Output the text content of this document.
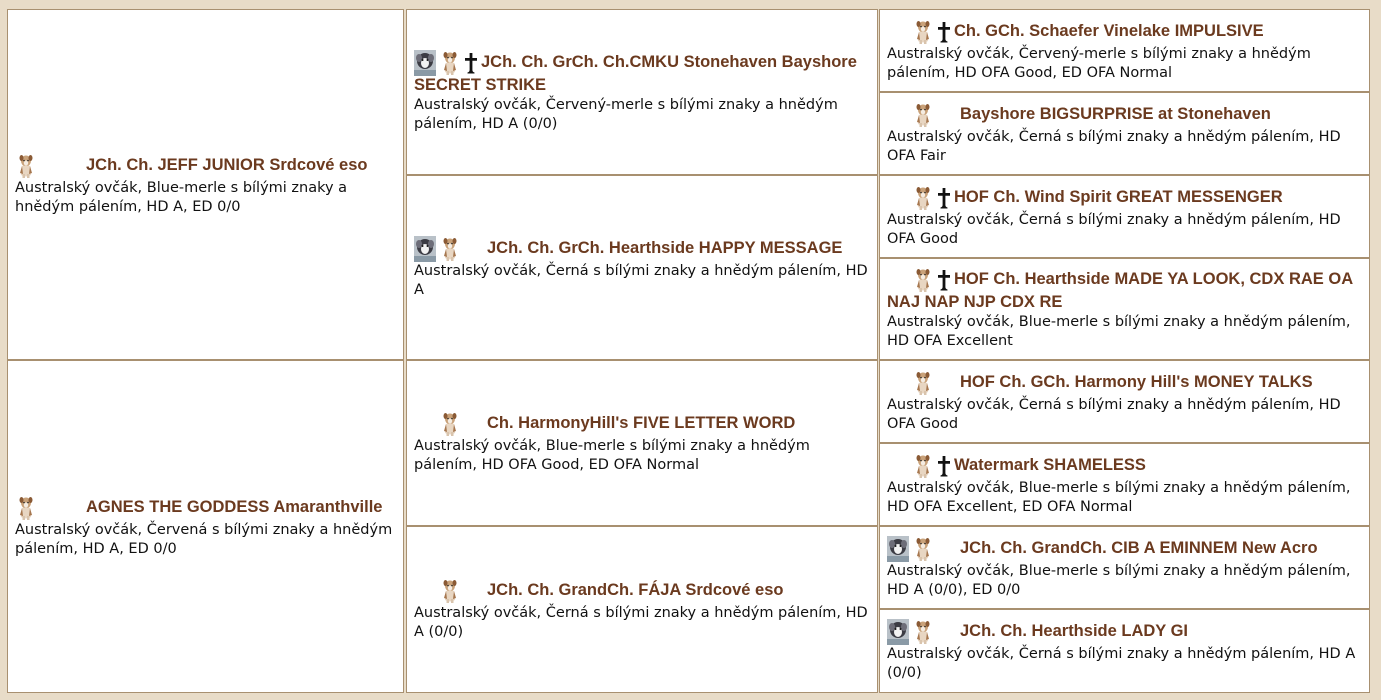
JCh. Ch. JEFF JUNIOR Srdcové eso
Australský ovčák, Blue-merle s bílými znaky a hnědým pálením, HD A, ED 0/0
AGNES THE GODDESS Amaranthville
Australský ovčák, Červená s bílými znaky a hnědým pálením, HD A, ED 0/0
JCh. Ch. GrCh. Ch.CMKU Stonehaven Bayshore SECRET STRIKE
Australský ovčák, Červený-merle s bílými znaky a hnědým pálením, HD A (0/0)
JCh. Ch. GrCh. Hearthside HAPPY MESSAGE
Australský ovčák, Černá s bílými znaky a hnědým pálením, HD A
Ch. HarmonyHill's FIVE LETTER WORD
Australský ovčák, Blue-merle s bílými znaky a hnědým pálením, HD OFA Good, ED OFA Normal
JCh. Ch. GrandCh. FÁJA Srdcové eso
Australský ovčák, Černá s bílými znaky a hnědým pálením, HD A (0/0)
Ch. GCh. Schaefer Vinelake IMPULSIVE
Australský ovčák, Červený-merle s bílými znaky a hnědým pálením, HD OFA Good, ED OFA Normal
Bayshore BIGSURPRISE at Stonehaven
Australský ovčák, Černá s bílými znaky a hnědým pálením, HD OFA Fair
HOF Ch. Wind Spirit GREAT MESSENGER
Australský ovčák, Černá s bílými znaky a hnědým pálením, HD OFA Good
HOF Ch. Hearthside MADE YA LOOK, CDX RAE OA NAJ NAP NJP CDX RE
Australský ovčák, Blue-merle s bílými znaky a hnědým pálením, HD OFA Excellent
HOF Ch. GCh. Harmony Hill's MONEY TALKS
Australský ovčák, Černá s bílými znaky a hnědým pálením, HD OFA Good
Watermark SHAMELESS
Australský ovčák, Blue-merle s bílými znaky a hnědým pálením, HD OFA Excellent, ED OFA Normal
JCh. Ch. GrandCh. CIB A EMINNEM New Acro
Australský ovčák, Blue-merle s bílými znaky a hnědým pálením, HD A (0/0), ED 0/0
JCh. Ch. Hearthside LADY GI
Australský ovčák, Černá s bílými znaky a hnědým pálením, HD A (0/0)
